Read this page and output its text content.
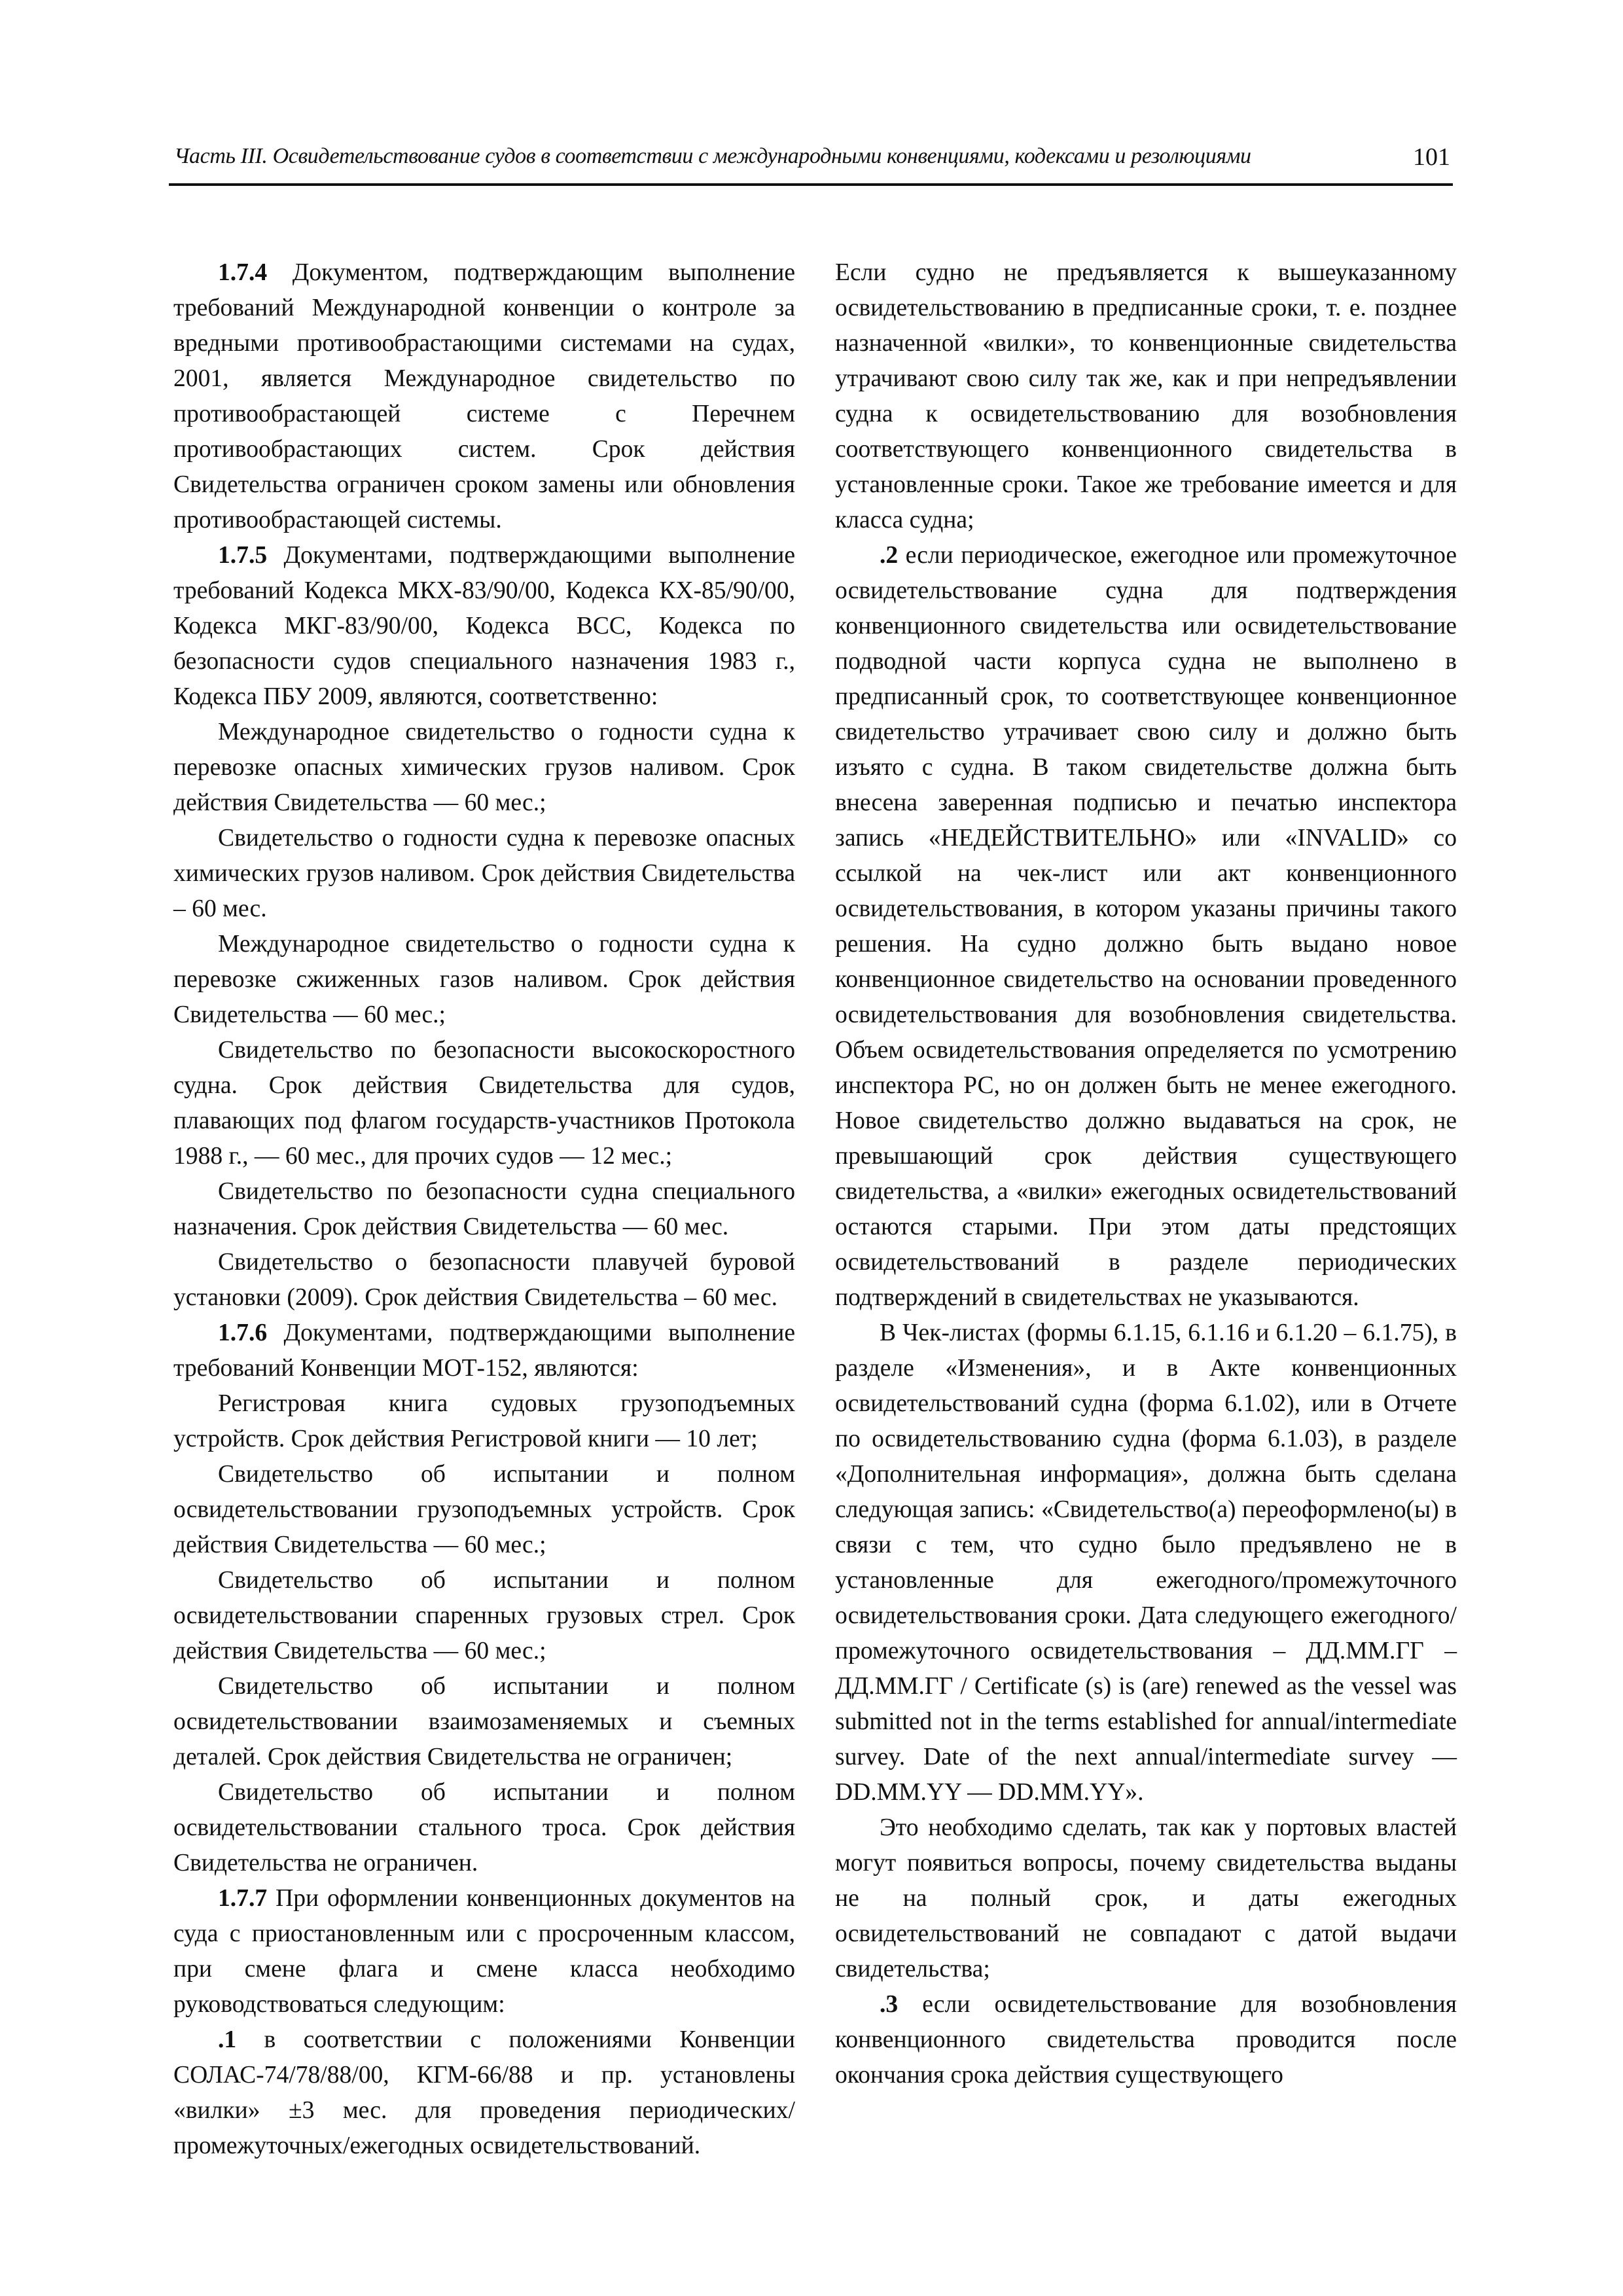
Часть III. Освидетельствование судов в соответствии с международными конвенциями, кодексами и резолюциями	101

1.7.4 Документом, подтверждающим выполнение требований Международной конвенции о контроле за вредными противообрастающими системами на судах, 2001, является Международное свидетельство по противообрастающей системе с Перечнем противообрастающих систем. Срок действия Свидетельства ограничен сроком замены или обновления противообрастающей системы.

1.7.5 Документами, подтверждающими выполнение требований Кодекса МКХ-83/90/00, Кодекса КХ-85/90/00, Кодекса МКГ-83/90/00, Кодекса ВСС, Кодекса по безопасности судов специального назначения 1983 г., Кодекса ПБУ 2009, являются, соответственно:

Международное свидетельство о годности судна к перевозке опасных химических грузов наливом. Срок действия Свидетельства — 60 мес.;

Свидетельство о годности судна к перевозке опасных химических грузов наливом. Срок действия Свидетельства – 60 мес.

Международное свидетельство о годности судна к перевозке сжиженных газов наливом. Срок действия Свидетельства — 60 мес.;

Свидетельство по безопасности высокоскоростного судна. Срок действия Свидетельства для судов, плавающих под флагом государств-участников Протокола 1988 г., — 60 мес., для прочих судов — 12 мес.;

Свидетельство по безопасности судна специального назначения. Срок действия Свидетельства — 60 мес.

Свидетельство о безопасности плавучей буровой установки (2009). Срок действия Свидетельства – 60 мес.

1.7.6 Документами, подтверждающими выполнение требований Конвенции МОТ-152, являются:

Регистровая книга судовых грузоподъемных устройств. Срок действия Регистровой книги — 10 лет;

Свидетельство об испытании и полном освидетельствовании грузоподъемных устройств. Срок действия Свидетельства — 60 мес.;

Свидетельство об испытании и полном освидетельствовании спаренных грузовых стрел. Срок действия Свидетельства — 60 мес.;

Свидетельство об испытании и полном освидетельствовании взаимозаменяемых и съемных деталей. Срок действия Свидетельства не ограничен;

Свидетельство об испытании и полном освидетельствовании стального троса. Срок действия Свидетельства не ограничен.

1.7.7 При оформлении конвенционных документов на суда с приостановленным или с просроченным классом, при смене флага и смене класса необходимо руководствоваться следующим:

.1 в соответствии с положениями Конвенции СОЛАС-74/78/88/00, КГМ-66/88 и пр. установлены «вилки» ±3 мес. для проведения периодических/промежуточных/ежегодных освидетельствований.

Если судно не предъявляется к вышеуказанному освидетельствованию в предписанные сроки, т. е. позднее назначенной «вилки», то конвенционные свидетельства утрачивают свою силу так же, как и при непредъявлении судна к освидетельствованию для возобновления соответствующего конвенционного свидетельства в установленные сроки. Такое же требование имеется и для класса судна;

.2 если периодическое, ежегодное или промежуточное освидетельствование судна для подтверждения конвенционного свидетельства или освидетельствование подводной части корпуса судна не выполнено в предписанный срок, то соответствующее конвенционное свидетельство утрачивает свою силу и должно быть изъято с судна. В таком свидетельстве должна быть внесена заверенная подписью и печатью инспектора запись «НЕДЕЙСТВИТЕЛЬНО» или «INVALID» со ссылкой на чек-лист или акт конвенционного освидетельствования, в котором указаны причины такого решения. На судно должно быть выдано новое конвенционное свидетельство на основании проведенного освидетельствования для возобновления свидетельства. Объем освидетельствования определяется по усмотрению инспектора РС, но он должен быть не менее ежегодного. Новое свидетельство должно выдаваться на срок, не превышающий срок действия существующего свидетельства, а «вилки» ежегодных освидетельствований остаются старыми. При этом даты предстоящих освидетельствований в разделе периодических подтверждений в свидетельствах не указываются.

В Чек-листах (формы 6.1.15, 6.1.16 и 6.1.20 – 6.1.75), в разделе «Изменения», и в Акте конвенционных освидетельствований судна (форма 6.1.02), или в Отчете по освидетельствованию судна (форма 6.1.03), в разделе «Дополнительная информация», должна быть сделана следующая запись: «Свидетельство(а) переоформлено(ы) в связи с тем, что судно было предъявлено не в установленные для ежегодного/промежуточного освидетельствования сроки. Дата следующего ежегодного/промежуточного освидетельствования – ДД.ММ.ГГ – ДД.ММ.ГГ / Certificate (s) is (are) renewed as the vessel was submitted not in the terms established for annual/intermediate survey. Date of the next annual/intermediate survey — DD.MM.YY — DD.MM.YY».

Это необходимо сделать, так как у портовых властей могут появиться вопросы, почему свидетельства выданы не на полный срок, и даты ежегодных освидетельствований не совпадают с датой выдачи свидетельства;

.3 если освидетельствование для возобновления конвенционного свидетельства проводится после окончания срока действия существующего
